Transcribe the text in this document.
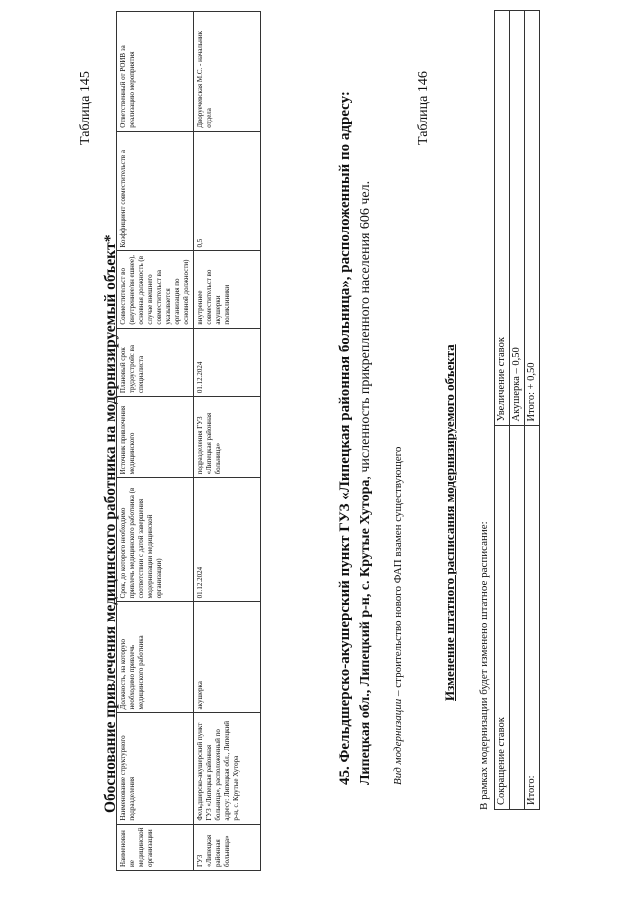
Таблица 145
Обоснование привлечения медицинского работника на модернизируемый объект*
Наименован ие медицинской организации	Наименование структурного подразделения	Должность, на которую необходимо привлечь медицинского работника	Срок, до которого необходимо привлечь медицинского работника (в соответствии с датой завершения модернизации медицинской организации)	Источник привлечения медицинского	Плановый срок трудоустройс ва специалиста	Совместительст во (внутреннее/вн ешнее), основная должность (в случае внешнего совместительст ва указывается организация по основной должности)	Коэффициент совместительств а	Ответственный от РОИВ за реализацию мероприятия
ГУЗ «Липецкая районная больница»	Фельдшерско-акушерский пункт ГУЗ «Липецкая районная больница», расположенный по адресу: Липецкая обл., Липецкий р-н, с. Крутые Хутора	акушерка	01.12.2024	подразделения ГУЗ «Липецкая районная больница»	01.12.2024	внутреннее совместительст во акушерки поликлиники	0,5	Дворуечевская М.С. - начальник отдела	45. Фельдшерско-акушерский пункт ГУЗ «Липецкая районная больница», расположенный по адресу: Липецкая обл., Липецкий р-н, с. Крутые Хутора, численность прикрепленного населения 606 чел.
Вид модернизации – строительство нового ФАП взамен существующего
Таблица 146
Изменение штатного расписания модернизируемого объекта В рамках модернизации будет изменено штатное расписание: Сокращение ставок	Увеличение ставок
	Акушерка – 0,50
Итого:	Итого: + 0,50
